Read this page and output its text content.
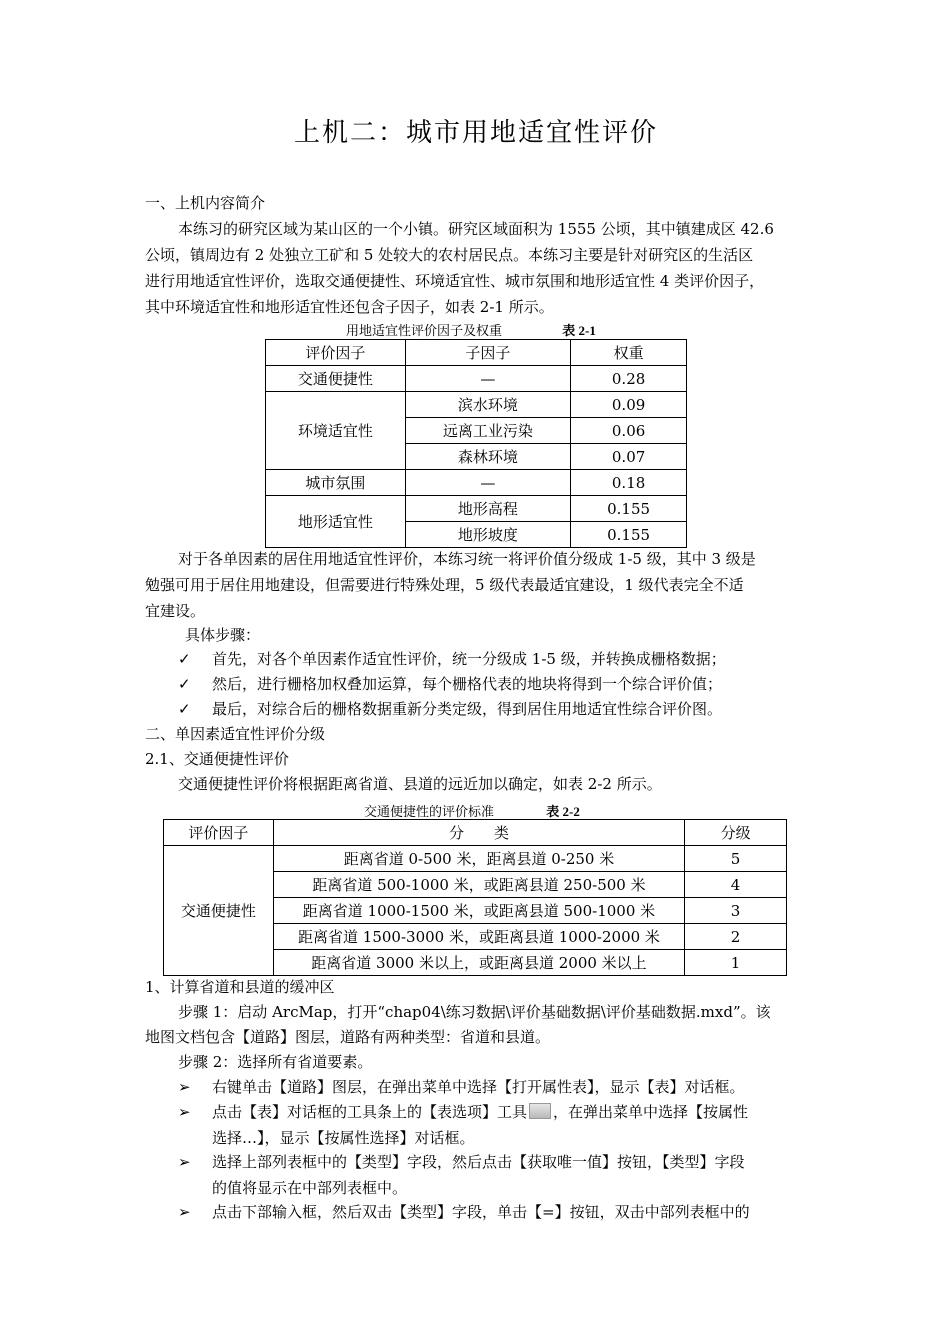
上机二：城市用地适宜性评价
一、上机内容简介
本练习的研究区域为某山区的一个小镇。研究区域面积为 1555 公顷，其中镇建成区 42.6
公顷，镇周边有 2 处独立工矿和 5 处较大的农村居民点。本练习主要是针对研究区的生活区
进行用地适宜性评价，选取交通便捷性、环境适宜性、城市氛围和地形适宜性 4 类评价因子，
其中环境适宜性和地形适宜性还包含子因子，如表 2-1 所示。
用地适宜性评价因子及权重	表 2-1
评价因子	子因子	权重
交通便捷性	—	0.28
环境适宜性	滨水环境	0.09
	远离工业污染	0.06
	森林环境	0.07
城市氛围	—	0.18
地形适宜性	地形高程	0.155
	地形坡度	0.155
对于各单因素的居住用地适宜性评价，本练习统一将评价值分级成 1-5 级，其中 3 级是
勉强可用于居住用地建设，但需要进行特殊处理，5 级代表最适宜建设，1 级代表完全不适
宜建设。
具体步骤：
✓ 首先，对各个单因素作适宜性评价，统一分级成 1-5 级，并转换成栅格数据；
✓ 然后，进行栅格加权叠加运算，每个栅格代表的地块将得到一个综合评价值；
✓ 最后，对综合后的栅格数据重新分类定级，得到居住用地适宜性综合评价图。
二、单因素适宜性评价分级
2.1、交通便捷性评价
交通便捷性评价将根据距离省道、县道的远近加以确定，如表 2-2 所示。
交通便捷性的评价标准	表 2-2
评价因子	分　　类	分级
交通便捷性	距离省道 0-500 米，距离县道 0-250 米	5
	距离省道 500-1000 米，或距离县道 250-500 米	4
	距离省道 1000-1500 米，或距离县道 500-1000 米	3
	距离省道 1500-3000 米，或距离县道 1000-2000 米	2
	距离省道 3000 米以上，或距离县道 2000 米以上	1
1、计算省道和县道的缓冲区
步骤 1：启动 ArcMap，打开“chap04\练习数据\评价基础数据\评价基础数据.mxd”。该
地图文档包含【道路】图层，道路有两种类型：省道和县道。
步骤 2：选择所有省道要素。
➢ 右键单击【道路】图层，在弹出菜单中选择【打开属性表】，显示【表】对话框。
➢ 点击【表】对话框的工具条上的【表选项】工具 ，在弹出菜单中选择【按属性
选择…】，显示【按属性选择】对话框。
➢ 选择上部列表框中的【类型】字段，然后点击【获取唯一值】按钮，【类型】字段
的值将显示在中部列表框中。
➢ 点击下部输入框，然后双击【类型】字段，单击【=】按钮，双击中部列表框中的
